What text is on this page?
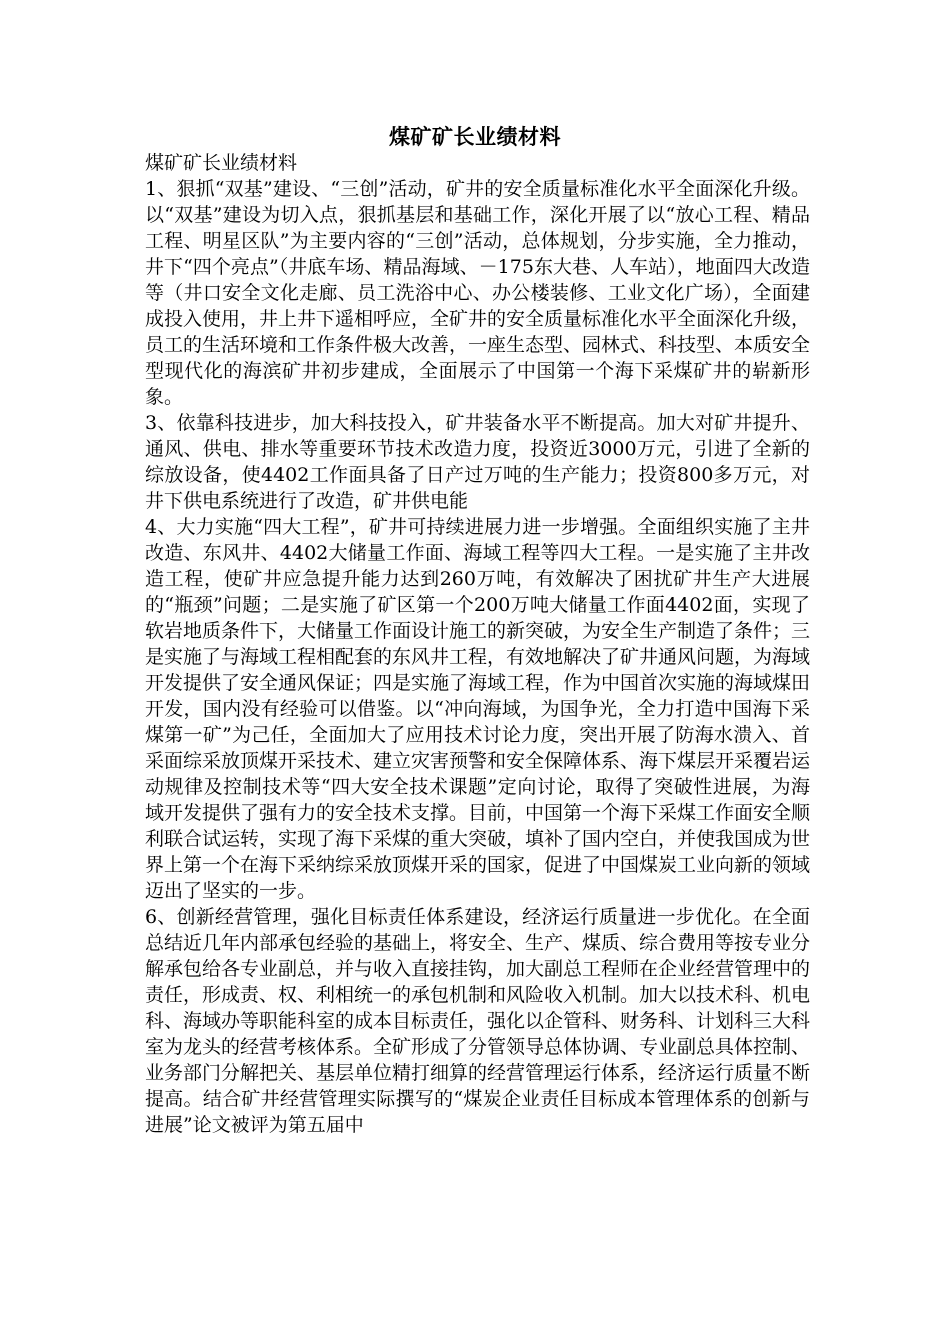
煤矿矿长业绩材料

煤矿矿长业绩材料

1、狠抓“双基”建设、“三创”活动，矿井的安全质量标准化水平全面深化升级。以“双基”建设为切入点，狠抓基层和基础工作，深化开展了以“放心工程、精品工程、明星区队”为主要内容的“三创”活动，总体规划，分步实施，全力推动，井下“四个亮点”（井底车场、精品海域、－175东大巷、人车站），地面四大改造等（井口安全文化走廊、员工洗浴中心、办公楼装修、工业文化广场），全面建成投入使用，井上井下遥相呼应，全矿井的安全质量标准化水平全面深化升级，员工的生活环境和工作条件极大改善，一座生态型、园林式、科技型、本质安全型现代化的海滨矿井初步建成，全面展示了中国第一个海下采煤矿井的崭新形象。

3、依靠科技进步，加大科技投入，矿井装备水平不断提高。加大对矿井提升、通风、供电、排水等重要环节技术改造力度，投资近3000万元，引进了全新的综放设备，使4402工作面具备了日产过万吨的生产能力；投资800多万元，对井下供电系统进行了改造，矿井供电能

4、大力实施“四大工程”，矿井可持续进展力进一步增强。全面组织实施了主井改造、东风井、4402大储量工作面、海域工程等四大工程。一是实施了主井改造工程，使矿井应急提升能力达到260万吨，有效解决了困扰矿井生产大进展的“瓶颈”问题；二是实施了矿区第一个200万吨大储量工作面4402面，实现了软岩地质条件下，大储量工作面设计施工的新突破，为安全生产制造了条件；三是实施了与海域工程相配套的东风井工程，有效地解决了矿井通风问题，为海域开发提供了安全通风保证；四是实施了海域工程，作为中国首次实施的海域煤田开发，国内没有经验可以借鉴。以“冲向海域，为国争光，全力打造中国海下采煤第一矿”为己任，全面加大了应用技术讨论力度，突出开展了防海水溃入、首采面综采放顶煤开采技术、建立灾害预警和安全保障体系、海下煤层开采覆岩运动规律及控制技术等“四大安全技术课题”定向讨论，取得了突破性进展，为海域开发提供了强有力的安全技术支撑。目前，中国第一个海下采煤工作面安全顺利联合试运转，实现了海下采煤的重大突破，填补了国内空白，并使我国成为世界上第一个在海下采纳综采放顶煤开采的国家，促进了中国煤炭工业向新的领域迈出了坚实的一步。

6、创新经营管理，强化目标责任体系建设，经济运行质量进一步优化。在全面总结近几年内部承包经验的基础上，将安全、生产、煤质、综合费用等按专业分解承包给各专业副总，并与收入直接挂钩，加大副总工程师在企业经营管理中的责任，形成责、权、利相统一的承包机制和风险收入机制。加大以技术科、机电科、海域办等职能科室的成本目标责任，强化以企管科、财务科、计划科三大科室为龙头的经营考核体系。全矿形成了分管领导总体协调、专业副总具体控制、业务部门分解把关、基层单位精打细算的经营管理运行体系，经济运行质量不断提高。结合矿井经营管理实际撰写的“煤炭企业责任目标成本管理体系的创新与进展”论文被评为第五届中
